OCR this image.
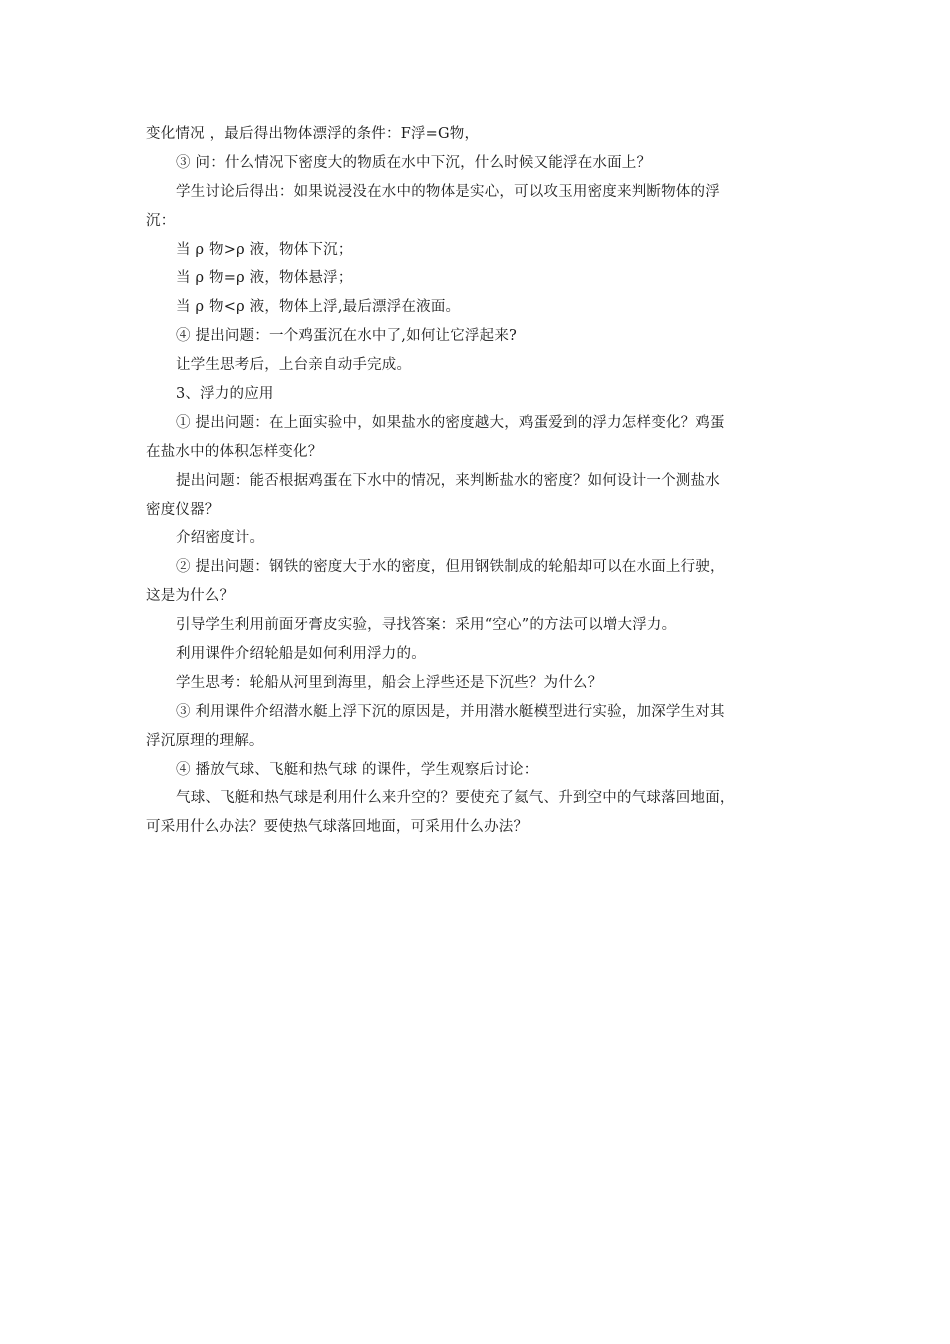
变化情况 ，最后得出物体漂浮的条件：F浮=G物，
③ 问：什么情况下密度大的物质在水中下沉，什么时候又能浮在水面上？
学生讨论后得出：如果说浸没在水中的物体是实心，可以攻玉用密度来判断物体的浮
沉：
当 ρ 物>ρ 液，物体下沉；
当 ρ 物=ρ 液，物体悬浮；
当 ρ 物<ρ 液，物体上浮,最后漂浮在液面。
④ 提出问题：一个鸡蛋沉在水中了,如何让它浮起来?
让学生思考后，上台亲自动手完成。
3、浮力的应用
① 提出问题：在上面实验中，如果盐水的密度越大，鸡蛋爱到的浮力怎样变化？鸡蛋
在盐水中的体积怎样变化？
提出问题：能否根据鸡蛋在下水中的情况，来判断盐水的密度？如何设计一个测盐水
密度仪器？
介绍密度计。
② 提出问题：钢铁的密度大于水的密度，但用钢铁制成的轮船却可以在水面上行驶，
这是为什么？
引导学生利用前面牙膏皮实验，寻找答案：采用“空心”的方法可以增大浮力。
利用课件介绍轮船是如何利用浮力的。
学生思考：轮船从河里到海里，船会上浮些还是下沉些？为什么？
③ 利用课件介绍潜水艇上浮下沉的原因是，并用潜水艇模型进行实验，加深学生对其
浮沉原理的理解。
④ 播放气球、飞艇和热气球 的课件，学生观察后讨论：
气球、飞艇和热气球是利用什么来升空的？要使充了氦气、升到空中的气球落回地面，
可采用什么办法？要使热气球落回地面，可采用什么办法？
